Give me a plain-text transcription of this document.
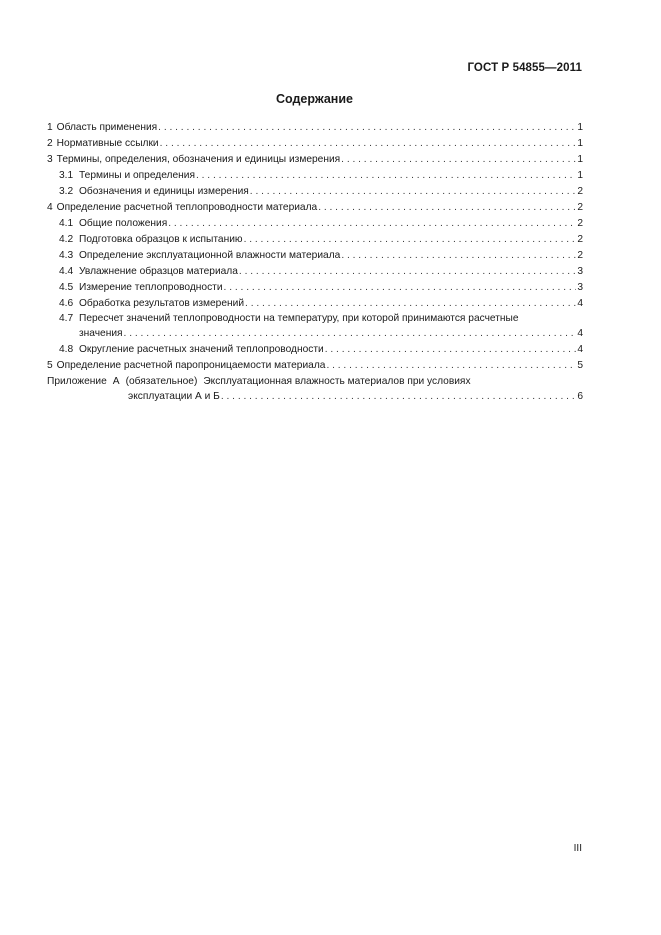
ГОСТ Р 54855—2011
Содержание
1 Область применения . . .	1
2 Нормативные ссылки . . .	1
3 Термины, определения, обозначения и единицы измерения . . .	1
3.1 Термины и определения . . .	1
3.2 Обозначения и единицы измерения . . .	2
4 Определение расчетной теплопроводности материала . . .	2
4.1 Общие положения . . .	2
4.2 Подготовка образцов к испытанию . . .	2
4.3 Определение эксплуатационной влажности материала . . .	2
4.4 Увлажнение образцов материала . . .	3
4.5 Измерение теплопроводности . . .	3
4.6 Обработка результатов измерений . . .	4
4.7 Пересчет значений теплопроводности на температуру, при которой принимаются расчетные
значения . . .	4
4.8 Округление расчетных значений теплопроводности . . .	4
5 Определение расчетной паропроницаемости материала . . .	5
Приложение А (обязательное) Эксплуатационная влажность материалов при условиях
эксплуатации А и Б . . .	6
III
